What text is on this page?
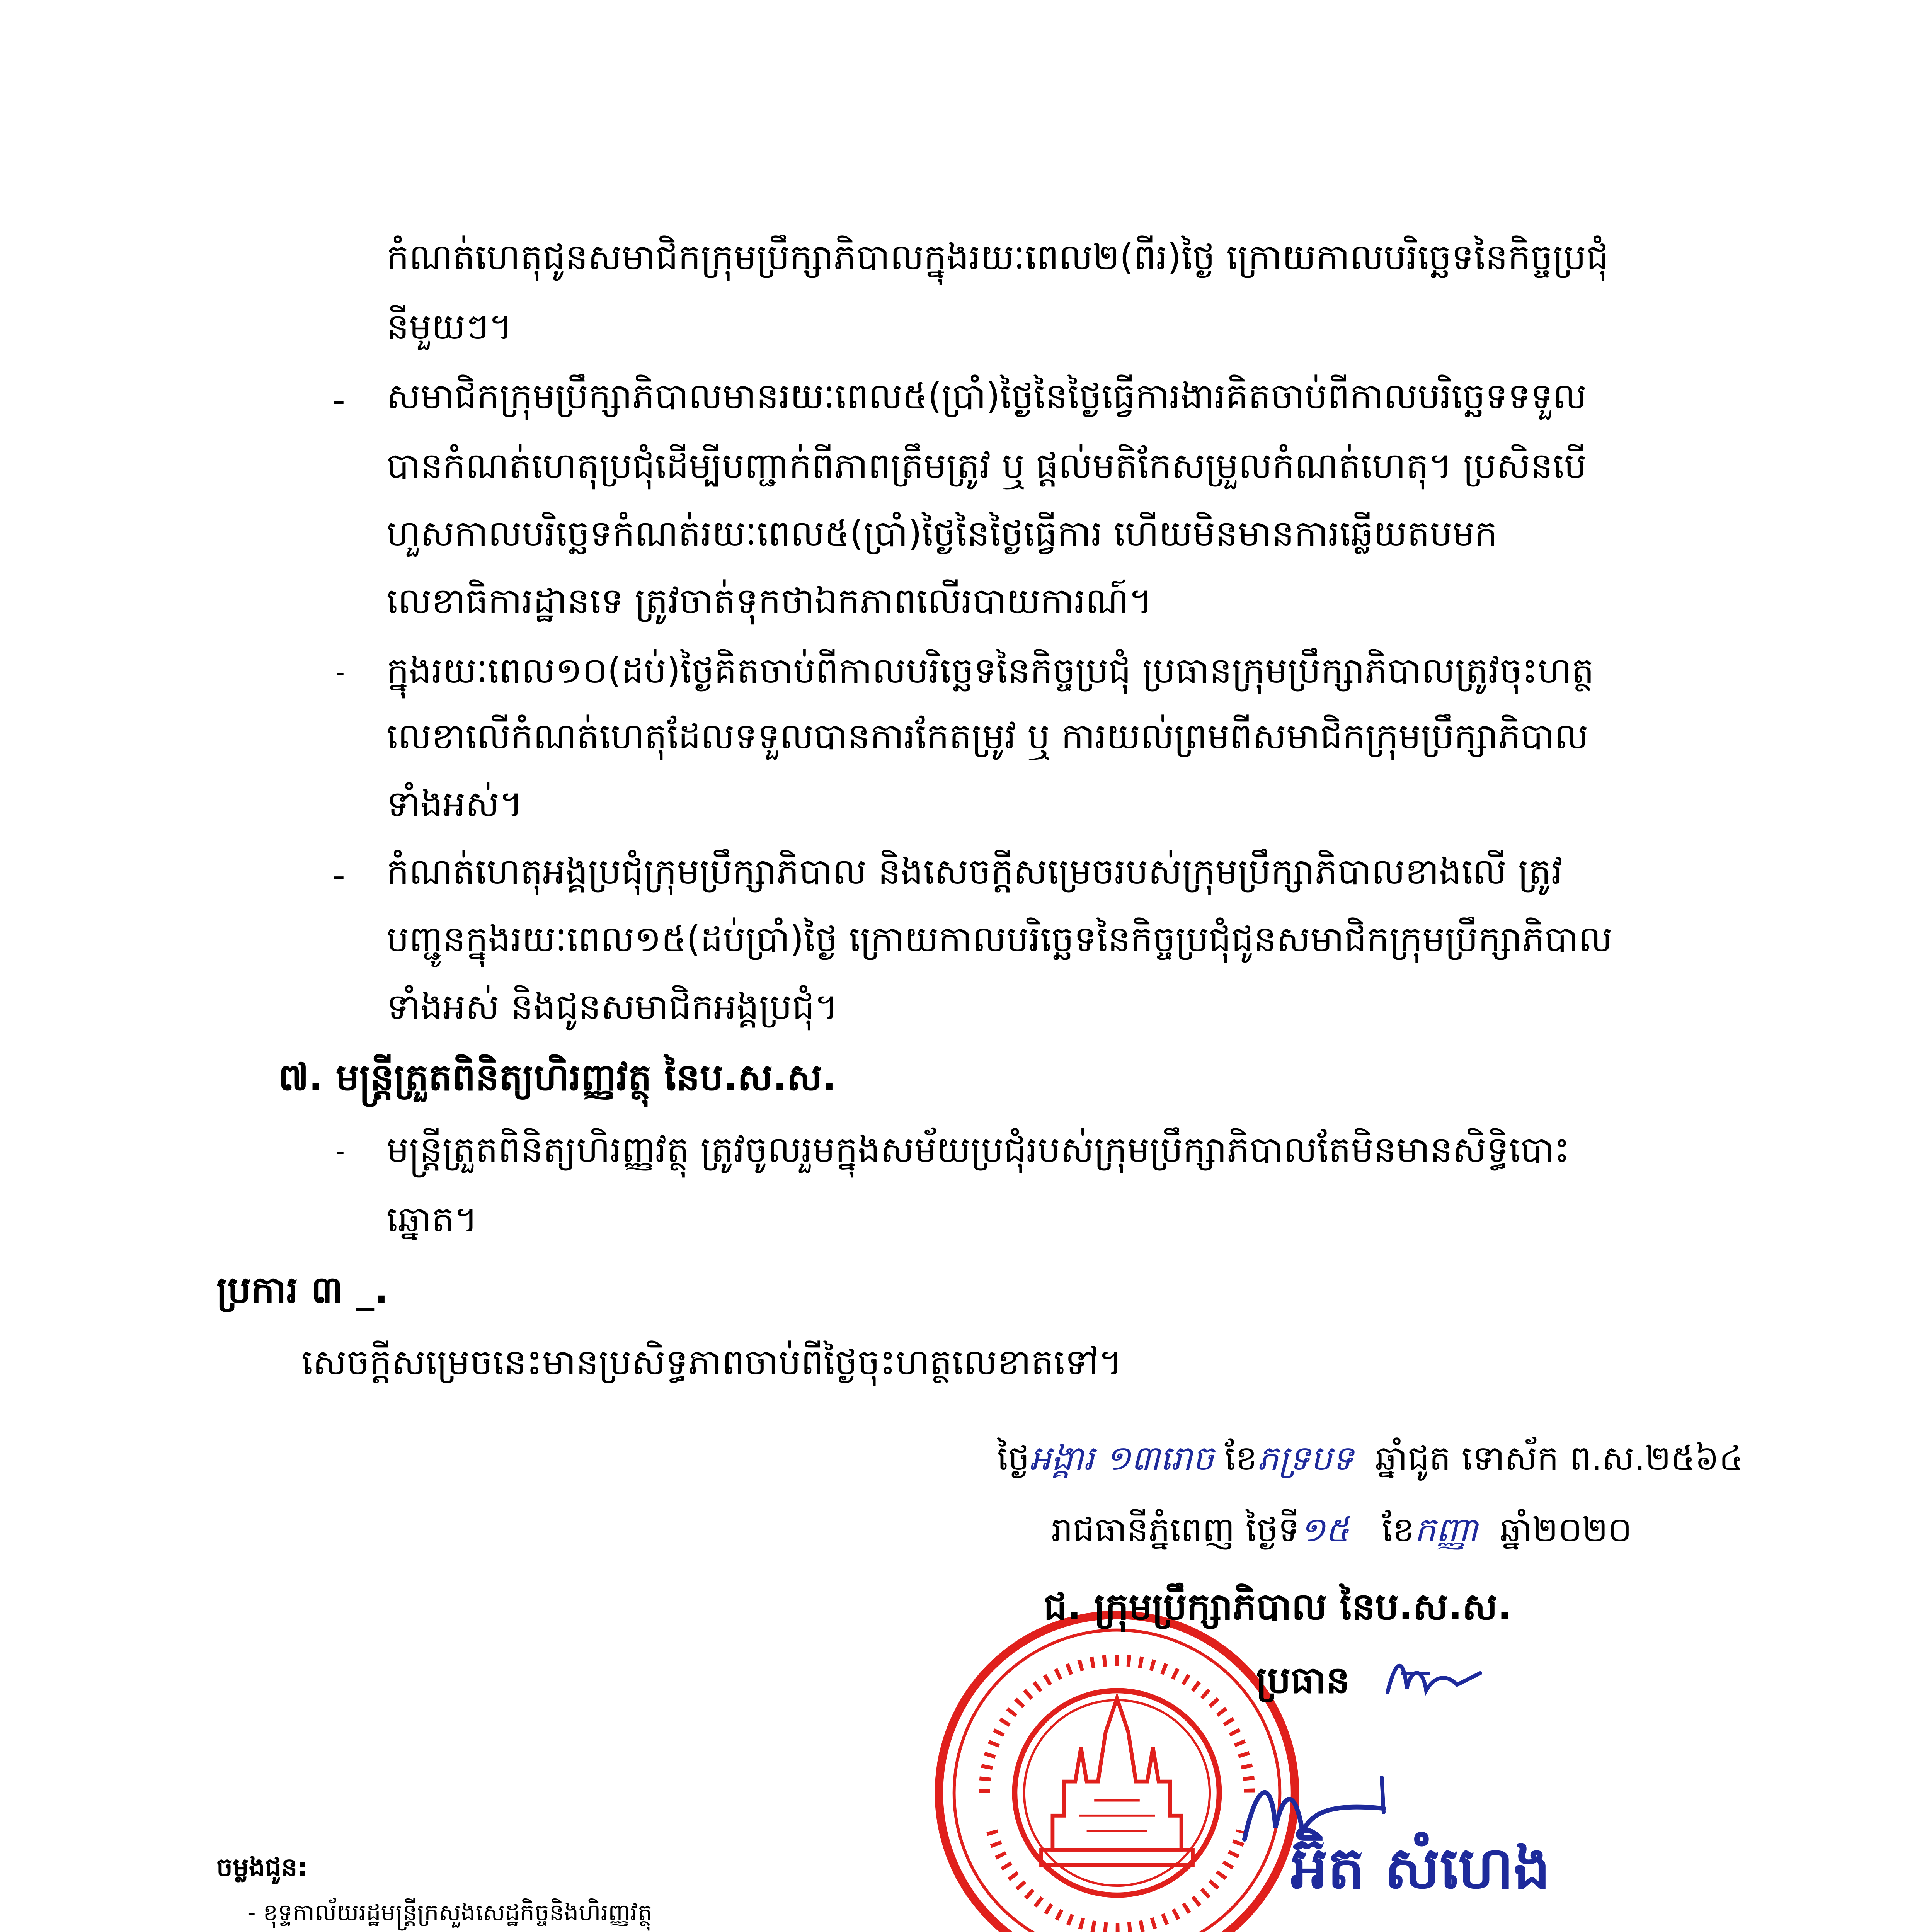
កំណត់ហេតុជូនសមាជិកក្រុមប្រឹក្សាភិបាលក្នុងរយៈពេល២(ពីរ)ថ្ងៃ ក្រោយកាលបរិច្ឆេទនៃកិច្ចប្រជុំ
នីមួយៗ។
- សមាជិកក្រុមប្រឹក្សាភិបាលមានរយៈពេល៥(ប្រាំ)ថ្ងៃនៃថ្ងៃធ្វើការងារគិតចាប់ពីកាលបរិច្ឆេទទទួល
បានកំណត់ហេតុប្រជុំដើម្បីបញ្ជាក់ពីភាពត្រឹមត្រូវ ឬ ផ្ដល់មតិកែសម្រួលកំណត់ហេតុ។ ប្រសិនបើ
ហួសកាលបរិច្ឆេទកំណត់រយៈពេល៥(ប្រាំ)ថ្ងៃនៃថ្ងៃធ្វើការ ហើយមិនមានការឆ្លើយតបមក
លេខាធិការដ្ឋានទេ ត្រូវចាត់ទុកថាឯកភាពលើរបាយការណ៍។
- ក្នុងរយៈពេល១០(ដប់)ថ្ងៃគិតចាប់ពីកាលបរិច្ឆេទនៃកិច្ចប្រជុំ ប្រធានក្រុមប្រឹក្សាភិបាលត្រូវចុះហត្ថ
លេខាលើកំណត់ហេតុដែលទទួលបានការកែតម្រូវ ឬ ការយល់ព្រមពីសមាជិកក្រុមប្រឹក្សាភិបាល
ទាំងអស់។
- កំណត់ហេតុអង្គប្រជុំក្រុមប្រឹក្សាភិបាល និងសេចក្ដីសម្រេចរបស់ក្រុមប្រឹក្សាភិបាលខាងលើ ត្រូវ
បញ្ជូនក្នុងរយៈពេល១៥(ដប់ប្រាំ)ថ្ងៃ ក្រោយកាលបរិច្ឆេទនៃកិច្ចប្រជុំជូនសមាជិកក្រុមប្រឹក្សាភិបាល
ទាំងអស់ និងជូនសមាជិកអង្គប្រជុំ។
៧. មន្ត្រីត្រួតពិនិត្យហិរញ្ញវត្ថុ នៃប.ស.ស.
- មន្ត្រីត្រួតពិនិត្យហិរញ្ញវត្ថុ ត្រូវចូលរួមក្នុងសម័យប្រជុំរបស់ក្រុមប្រឹក្សាភិបាលតែមិនមានសិទ្ធិបោះ
ឆ្នោត។
ប្រការ ៣ _.
សេចក្ដីសម្រេចនេះមានប្រសិទ្ធភាពចាប់ពីថ្ងៃចុះហត្ថលេខាតទៅ។
ថ្ងៃអង្គារ ១៣រោច ខែភទ្របទ ឆ្នាំជូត ទោស័ក ព.ស.២៥៦៤
រាជធានីភ្នំពេញ ថ្ងៃទី១៥ ខែកញ្ញា ឆ្នាំ២០២០
ជ. ក្រុមប្រឹក្សាភិបាល នៃប.ស.ស.
ប្រធាន
អ៊ិត សំហេង
ចម្លងជូន:
- ខុទ្ទកាល័យរដ្ឋមន្ត្រីក្រសួងសេដ្ឋកិច្ចនិងហិរញ្ញវត្ថុ
